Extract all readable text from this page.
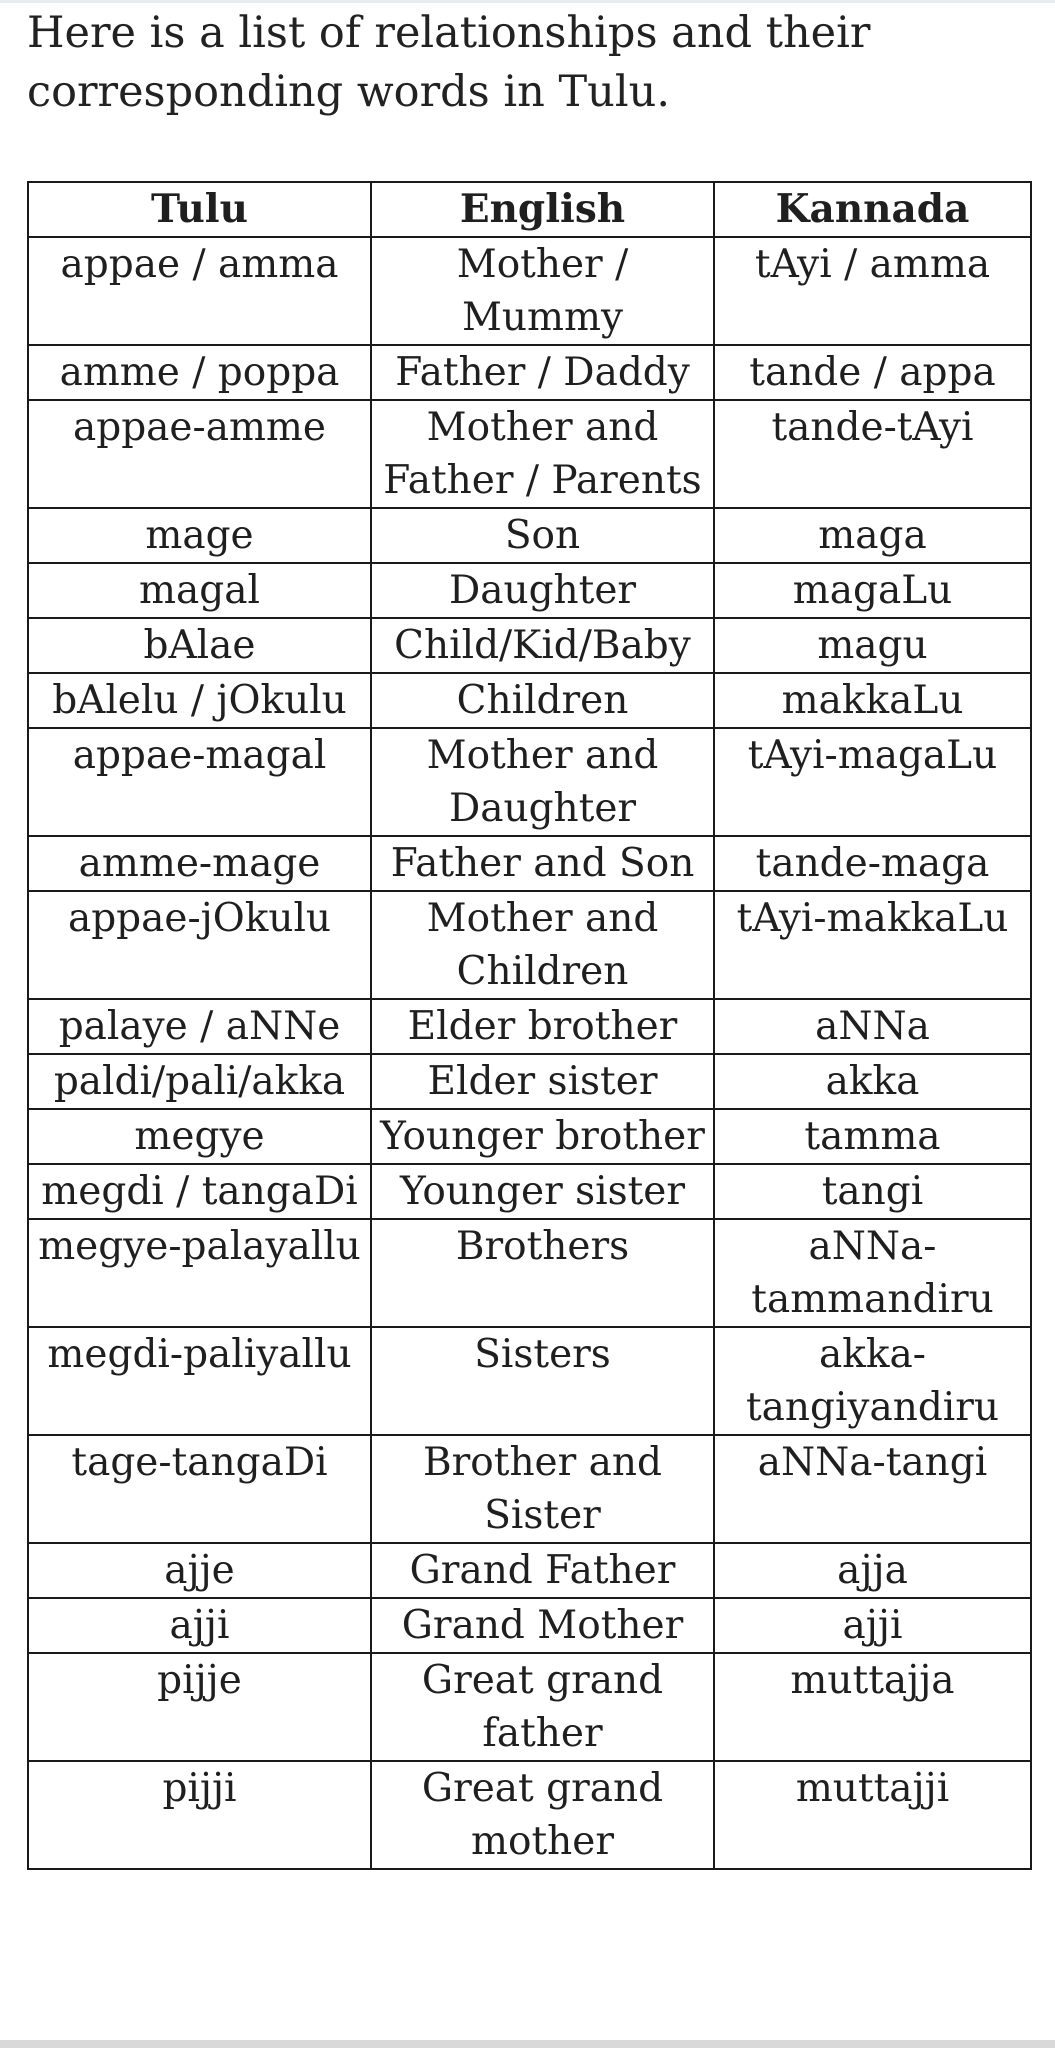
Here is a list of relationships and their corresponding words in Tulu.

Tulu	English	Kannada
appae / amma	Mother / Mummy	tAyi / amma
amme / poppa	Father / Daddy	tande / appa
appae-amme	Mother and Father / Parents	tande-tAyi
mage	Son	maga
magal	Daughter	magaLu
bAlae	Child/Kid/Baby	magu
bAlelu / jOkulu	Children	makkaLu
appae-magal	Mother and Daughter	tAyi-magaLu
amme-mage	Father and Son	tande-maga
appae-jOkulu	Mother and Children	tAyi-makkaLu
palaye / aNNe	Elder brother	aNNa
paldi/pali/akka	Elder sister	akka
megye	Younger brother	tamma
megdi / tangaDi	Younger sister	tangi
megye-palayallu	Brothers	aNNa-tammandiru
megdi-paliyallu	Sisters	akka-tangiyandiru
tage-tangaDi	Brother and Sister	aNNa-tangi
ajje	Grand Father	ajja
ajji	Grand Mother	ajji
pijje	Great grand father	muttajja
pijji	Great grand mother	muttajji
